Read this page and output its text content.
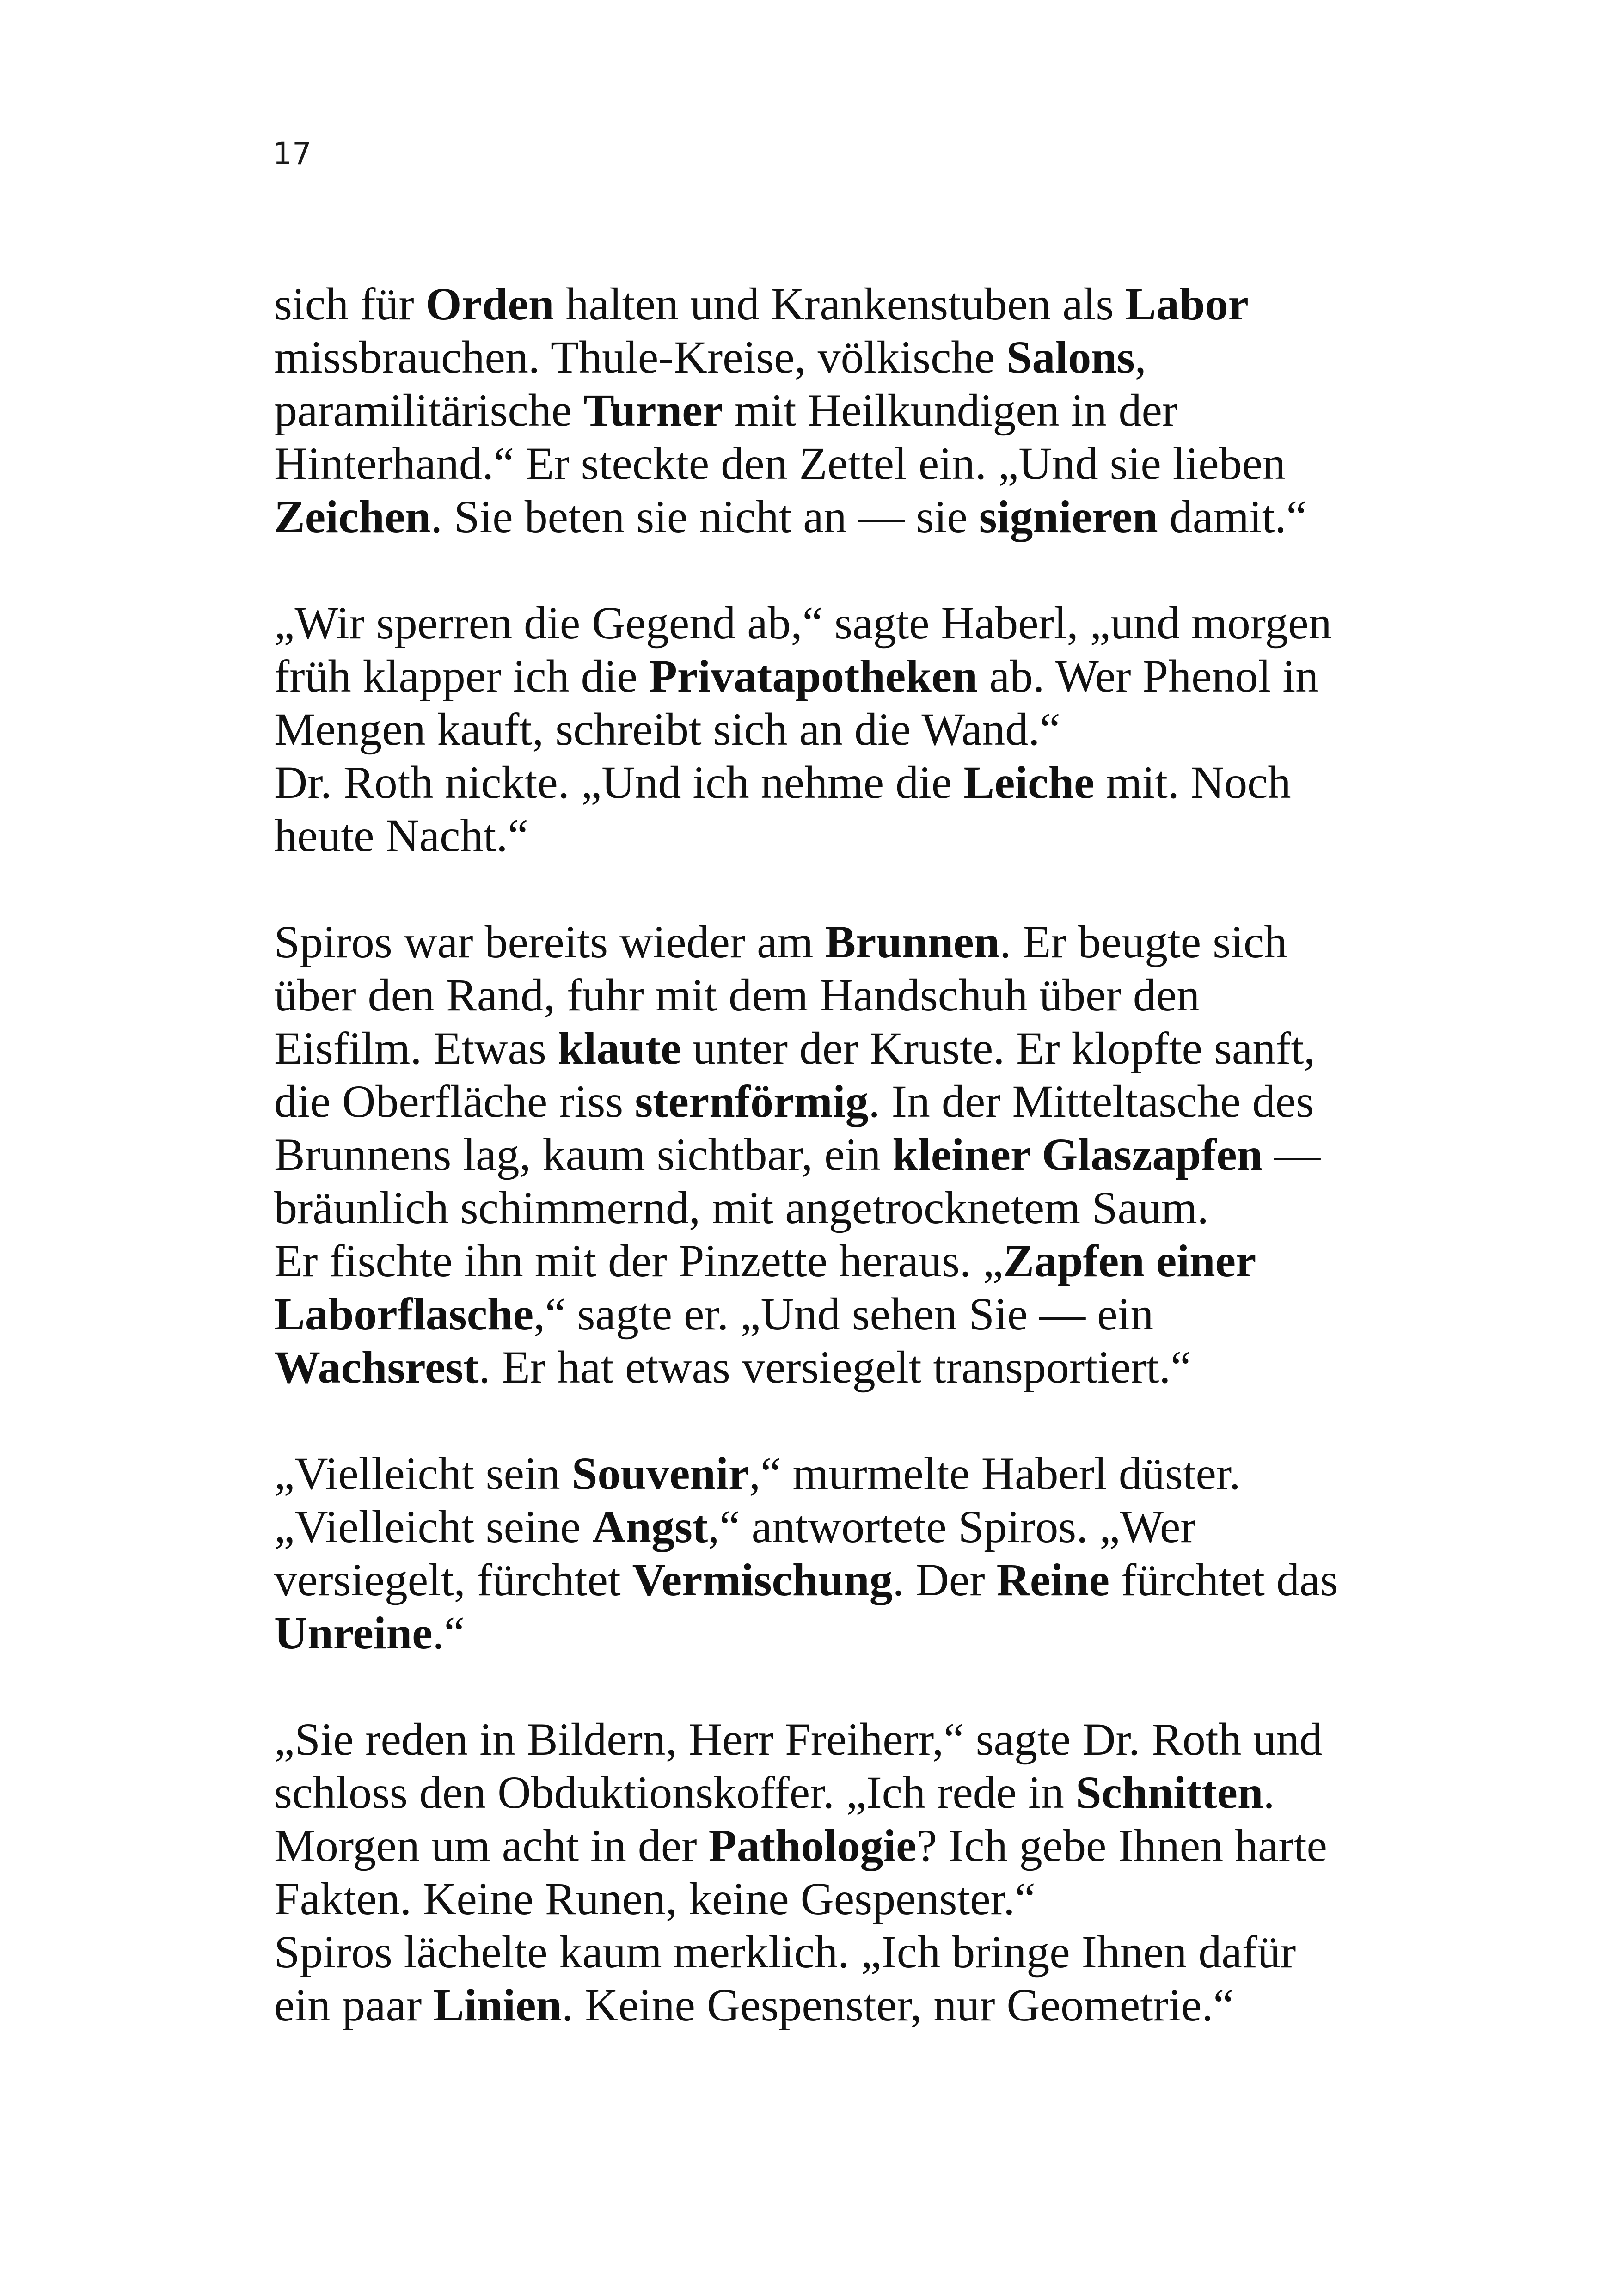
17
sich für Orden halten und Krankenstuben als Labor
missbrauchen. Thule-Kreise, völkische Salons,
paramilitärische Turner mit Heilkundigen in der
Hinterhand.“ Er steckte den Zettel ein. „Und sie lieben
Zeichen. Sie beten sie nicht an — sie signieren damit.“
„Wir sperren die Gegend ab,“ sagte Haberl, „und morgen
früh klapper ich die Privatapotheken ab. Wer Phenol in
Mengen kauft, schreibt sich an die Wand.“
Dr. Roth nickte. „Und ich nehme die Leiche mit. Noch
heute Nacht.“
Spiros war bereits wieder am Brunnen. Er beugte sich
über den Rand, fuhr mit dem Handschuh über den
Eisfilm. Etwas klaute unter der Kruste. Er klopfte sanft,
die Oberfläche riss sternförmig. In der Mitteltasche des
Brunnens lag, kaum sichtbar, ein kleiner Glaszapfen —
bräunlich schimmernd, mit angetrocknetem Saum.
Er fischte ihn mit der Pinzette heraus. „Zapfen einer
Laborflasche,“ sagte er. „Und sehen Sie — ein
Wachsrest. Er hat etwas versiegelt transportiert.“
„Vielleicht sein Souvenir,“ murmelte Haberl düster.
„Vielleicht seine Angst,“ antwortete Spiros. „Wer
versiegelt, fürchtet Vermischung. Der Reine fürchtet das
Unreine.“
„Sie reden in Bildern, Herr Freiherr,“ sagte Dr. Roth und
schloss den Obduktionskoffer. „Ich rede in Schnitten.
Morgen um acht in der Pathologie? Ich gebe Ihnen harte
Fakten. Keine Runen, keine Gespenster.“
Spiros lächelte kaum merklich. „Ich bringe Ihnen dafür
ein paar Linien. Keine Gespenster, nur Geometrie.“
